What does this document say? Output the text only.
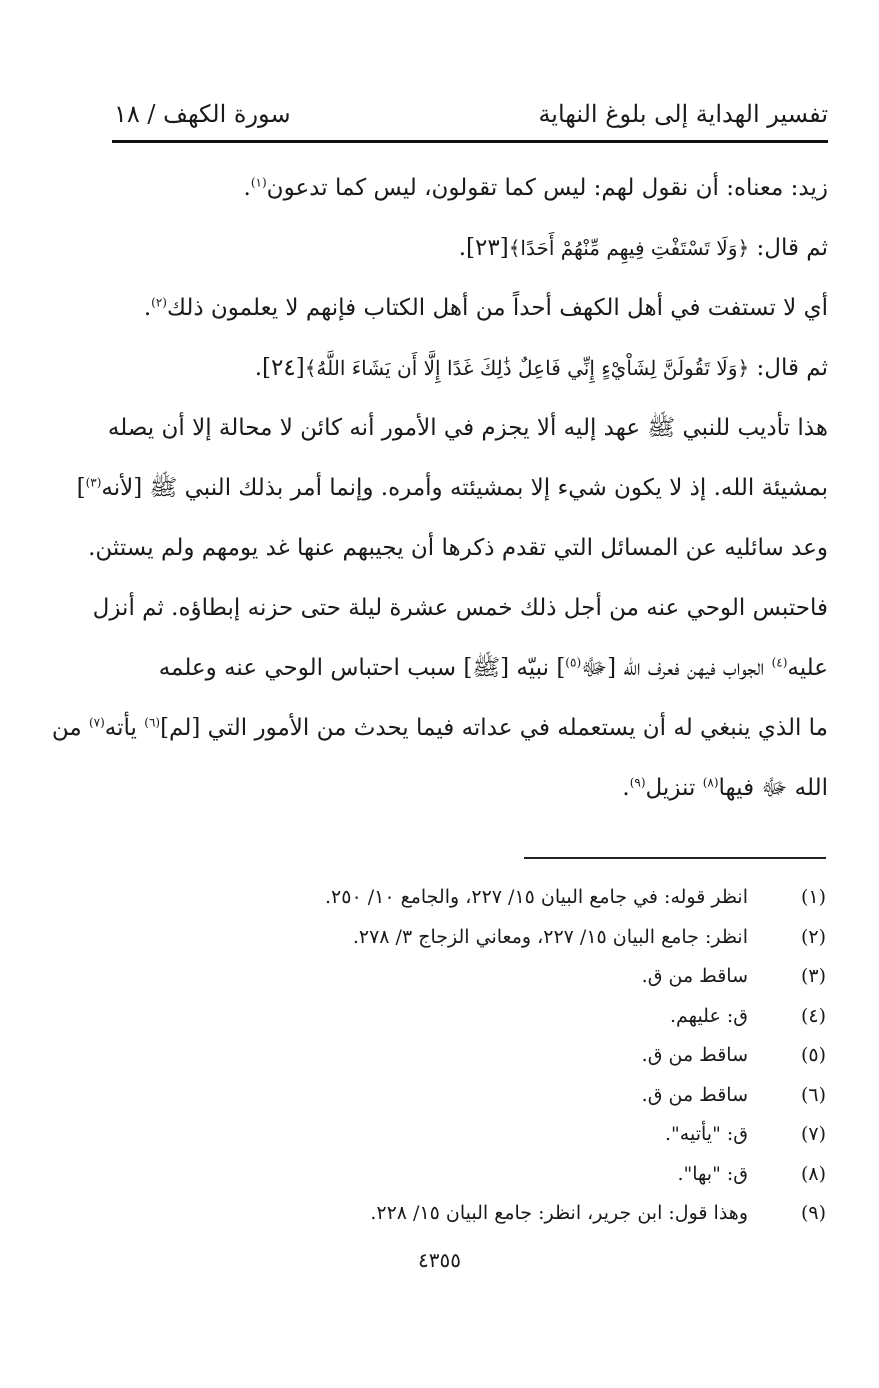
تفسير الهداية إلى بلوغ النهاية
سورة الكهف / ١٨

زيد: معناه: أن نقول لهم: ليس كما تقولون، ليس كما تدعون$^{(١)}$.

ثم قال: ﴿وَلَا تَسْتَفْتِ فِيهِم مِّنْهُمْ أَحَدًا﴾[٢٣].

أي لا تستفت في أهل الكهف أحداً من أهل الكتاب فإنهم لا يعلمون ذلك$^{(٢)}$.

ثم قال: ﴿وَلَا تَقُولَنَّ لِشَاْيْءٍ إِنِّي فَاعِلٌ ذَٰلِكَ غَدًا إِلَّا أَن يَشَاءَ اللَّهُ﴾[٢٤].

هذا تأديب للنبي ﷺ عهد إليه ألا يجزم في الأمور أنه كائن لا محالة إلا أن يصله

بمشيئة الله. إذ لا يكون شيء إلا بمشيئته وأمره. وإنما أمر بذلك النبي ﷺ [لأنه$^{(٣)}$]

وعد سائليه عن المسائل التي تقدم ذكرها أن يجيبهم عنها غد يومهم ولم يستثن.

فاحتبس الوحي عنه من أجل ذلك خمس عشرة ليلة حتى حزنه إبطاؤه. ثم أنزل

عليه$^{(٤)}$ الجواب فيهن فعرف الله [ﷻ$^{(٥)}$] نبيّه [ﷺ] سبب احتباس الوحي عنه وعلمه

ما الذي ينبغي له أن يستعمله في عداته فيما يحدث من الأمور التي [لم]$^{(٦)}$ يأته$^{(٧)}$ من

الله ﷻ فيها$^{(٨)}$ تنزيل$^{(٩)}$.

(١)
انظر قوله: في جامع البيان ١٥/ ٢٢٧، والجامع ١٠/ ٢٥٠.
(٢)
انظر: جامع البيان ١٥/ ٢٢٧، ومعاني الزجاج ٣/ ٢٧٨.
(٣)
ساقط من ق.
(٤)
ق: عليهم.
(٥)
ساقط من ق.
(٦)
ساقط من ق.
(٧)
ق: "يأتيه".
(٨)
ق: "بها".
(٩)
وهذا قول: ابن جرير، انظر: جامع البيان ١٥/ ٢٢٨.
٤٣٥٥
